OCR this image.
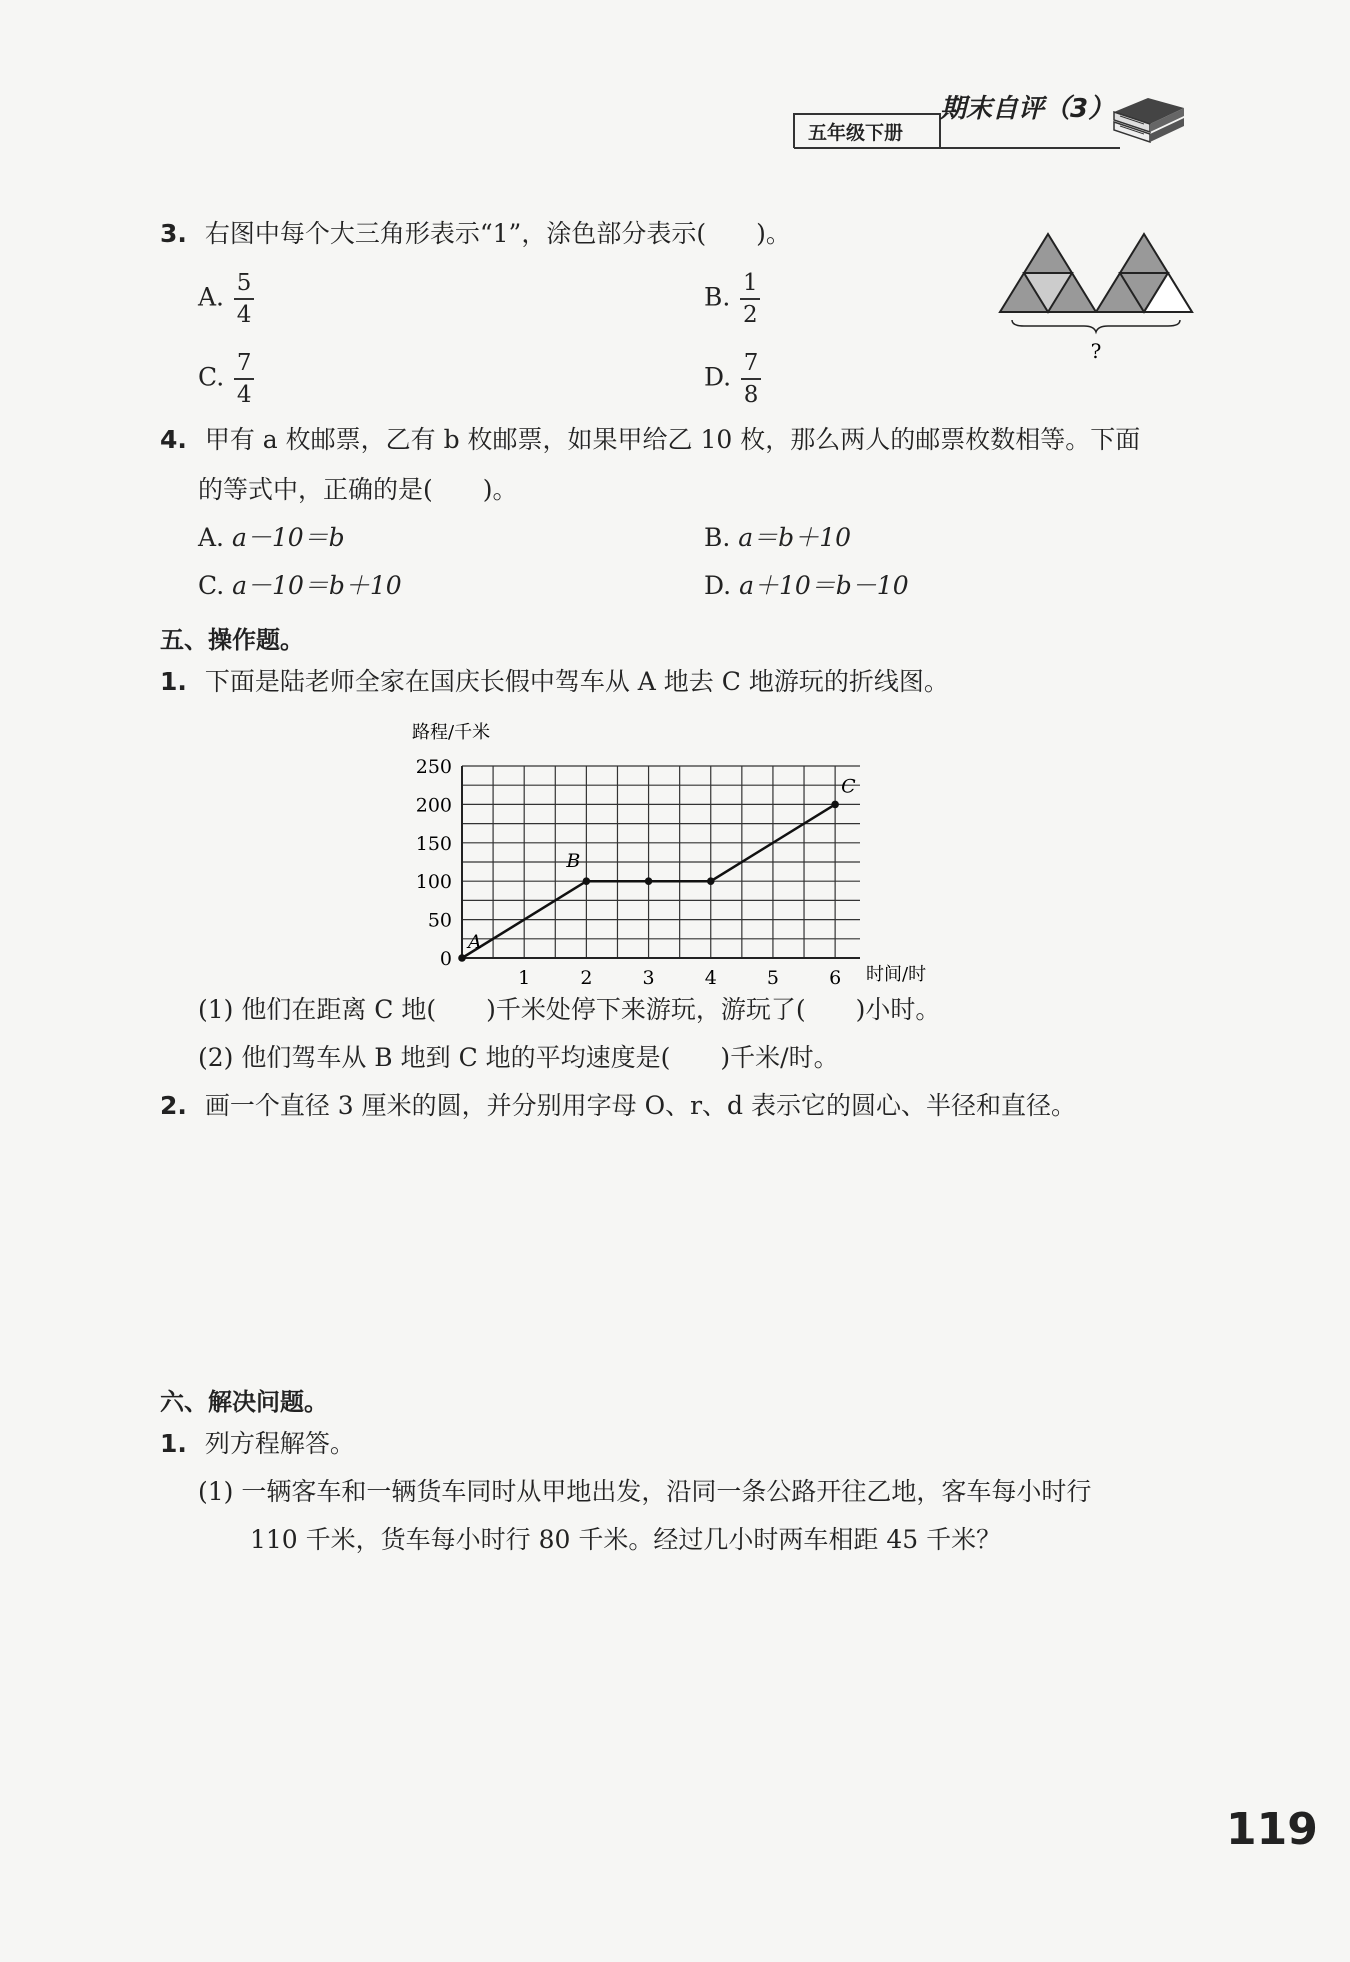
五年级下册
期末自评（3）
3. 右图中每个大三角形表示“1”，涂色部分表示(　　)。
A. $\frac{5}{4}$	B. $\frac{1}{2}$
C. $\frac{7}{4}$	D. $\frac{7}{8}$	?
4. 甲有 a 枚邮票，乙有 b 枚邮票，如果甲给乙 10 枚，那么两人的邮票枚数相等。下面
的等式中，正确的是(　　)。
A. a－10＝b	B. a＝b＋10
C. a－10＝b＋10	D. a＋10＝b－10
五、操作题。
1. 下面是陆老师全家在国庆长假中驾车从 A 地去 C 地游玩的折线图。
0
50
100
150
200
250
1	2	3	4	5	6
路程/千米
时间/时
A
B
C
(1) 他们在距离 C 地(　　)千米处停下来游玩，游玩了(　　)小时。
(2) 他们驾车从 B 地到 C 地的平均速度是(　　)千米/时。
2. 画一个直径 3 厘米的圆，并分别用字母 O、r、d 表示它的圆心、半径和直径。
六、解决问题。
1. 列方程解答。
(1) 一辆客车和一辆货车同时从甲地出发，沿同一条公路开往乙地，客车每小时行
110 千米，货车每小时行 80 千米。经过几小时两车相距 45 千米？
119
